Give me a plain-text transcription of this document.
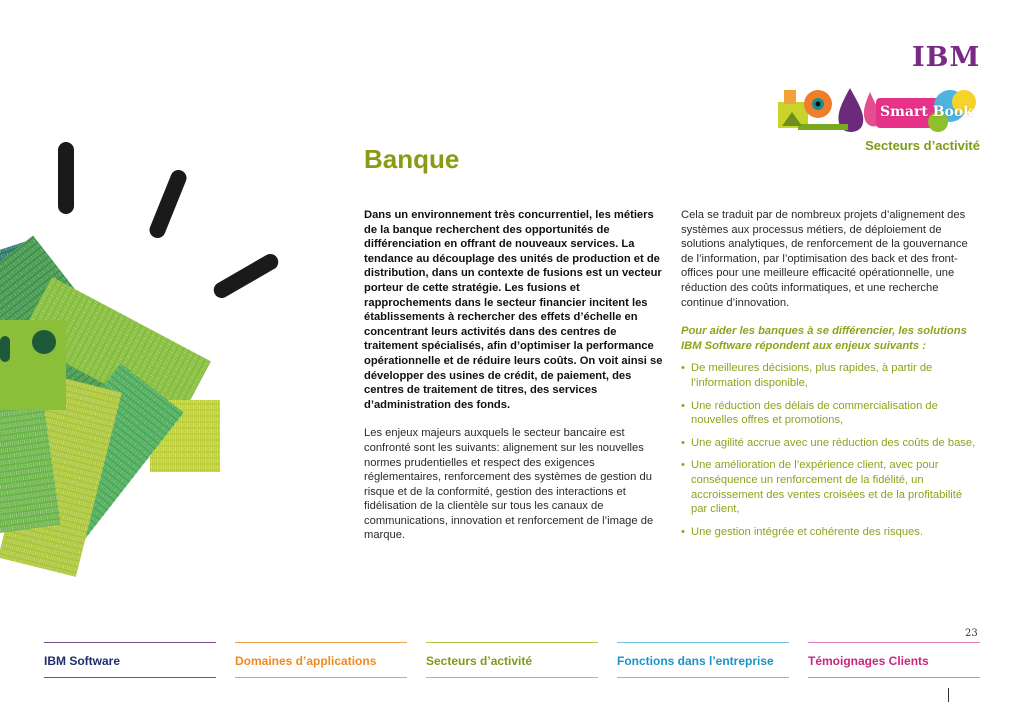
IBM
Smart Book
Secteurs d’activité
Banque

Dans un environnement très concurrentiel, les métiers de la banque recherchent des opportunités de différenciation en offrant de nouveaux services. La tendance au découplage des unités de production et de distribution, dans un contexte de fusions est un vecteur porteur de cette stratégie. Les fusions et rapprochements dans le secteur financier incitent les établissements à rechercher des effets d’échelle en concentrant leurs activités dans des centres de traitement spécialisés, afin d’optimiser la performance opérationnelle et de réduire leurs coûts. On voit ainsi se développer des usines de crédit, de paiement, des centres de traitement de titres, des services d’administration des fonds.

Les enjeux majeurs auxquels le secteur bancaire est confronté sont les suivants: alignement sur les nouvelles normes prudentielles et respect des exigences réglementaires, renforcement des systèmes de gestion du risque et de la conformité, gestion des interactions et fidélisation de la clientèle sur tous les canaux de communications, innovation et renforcement de l’image de marque.

Cela se traduit par de nombreux projets d’alignement des systèmes aux processus métiers, de déploiement de solutions analytiques, de renforcement de la gouvernance de l’information, par l’optimisation des back et des front-offices pour une meilleure efficacité opérationnelle, une réduction des coûts informatiques, et une recherche continue d’innovation.

Pour aider les banques à se différencier, les solutions IBM Software répondent aux enjeux suivants :

• De meilleures décisions, plus rapides, à partir de l’information disponible,
• Une réduction des délais de commercialisation de nouvelles offres et promotions,
• Une agilité accrue avec une réduction des coûts de base,
• Une amélioration de l’expérience client, avec pour conséquence un renforcement de la fidélité, un accroissement des ventes croisées et de la profitabilité par client,
• Une gestion intégrée et cohérente des risques.
23
IBM Software	Domaines d’applications	Secteurs d’activité	Fonctions dans l’entreprise	Témoignages Clients
